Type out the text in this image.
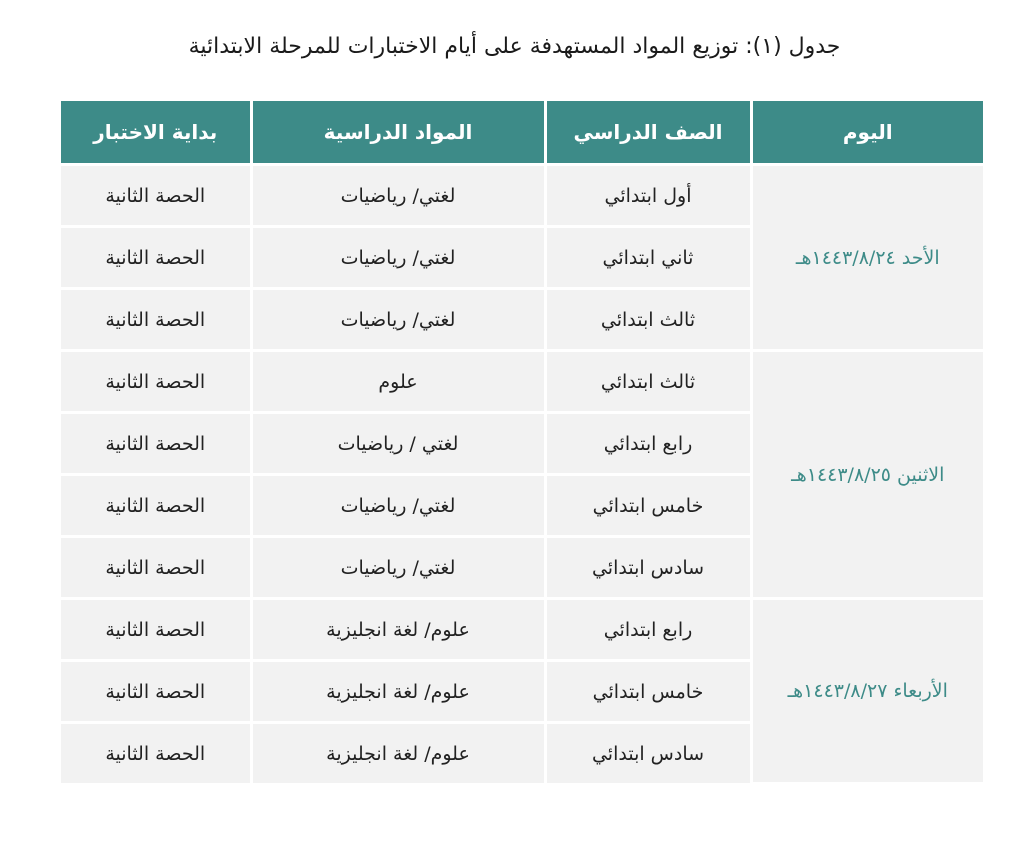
جدول (١): توزيع المواد المستهدفة على أيام الاختبارات للمرحلة الابتدائية
اليوم	الصف الدراسي	المواد الدراسية	بداية الاختبار
الأحد ١٤٤٣/٨/٢٤هـ	أول ابتدائي	لغتي/ رياضيات	الحصة الثانية
	ثاني ابتدائي	لغتي/ رياضيات	الحصة الثانية
	ثالث ابتدائي	لغتي/ رياضيات	الحصة الثانية
الاثنين ١٤٤٣/٨/٢٥هـ	ثالث ابتدائي	علوم	الحصة الثانية
	رابع ابتدائي	لغتي / رياضيات	الحصة الثانية
	خامس ابتدائي	لغتي/ رياضيات	الحصة الثانية
	سادس ابتدائي	لغتي/ رياضيات	الحصة الثانية
الأربعاء ١٤٤٣/٨/٢٧هـ	رابع ابتدائي	علوم/ لغة انجليزية	الحصة الثانية
	خامس ابتدائي	علوم/ لغة انجليزية	الحصة الثانية
	سادس ابتدائي	علوم/ لغة انجليزية	الحصة الثانية
